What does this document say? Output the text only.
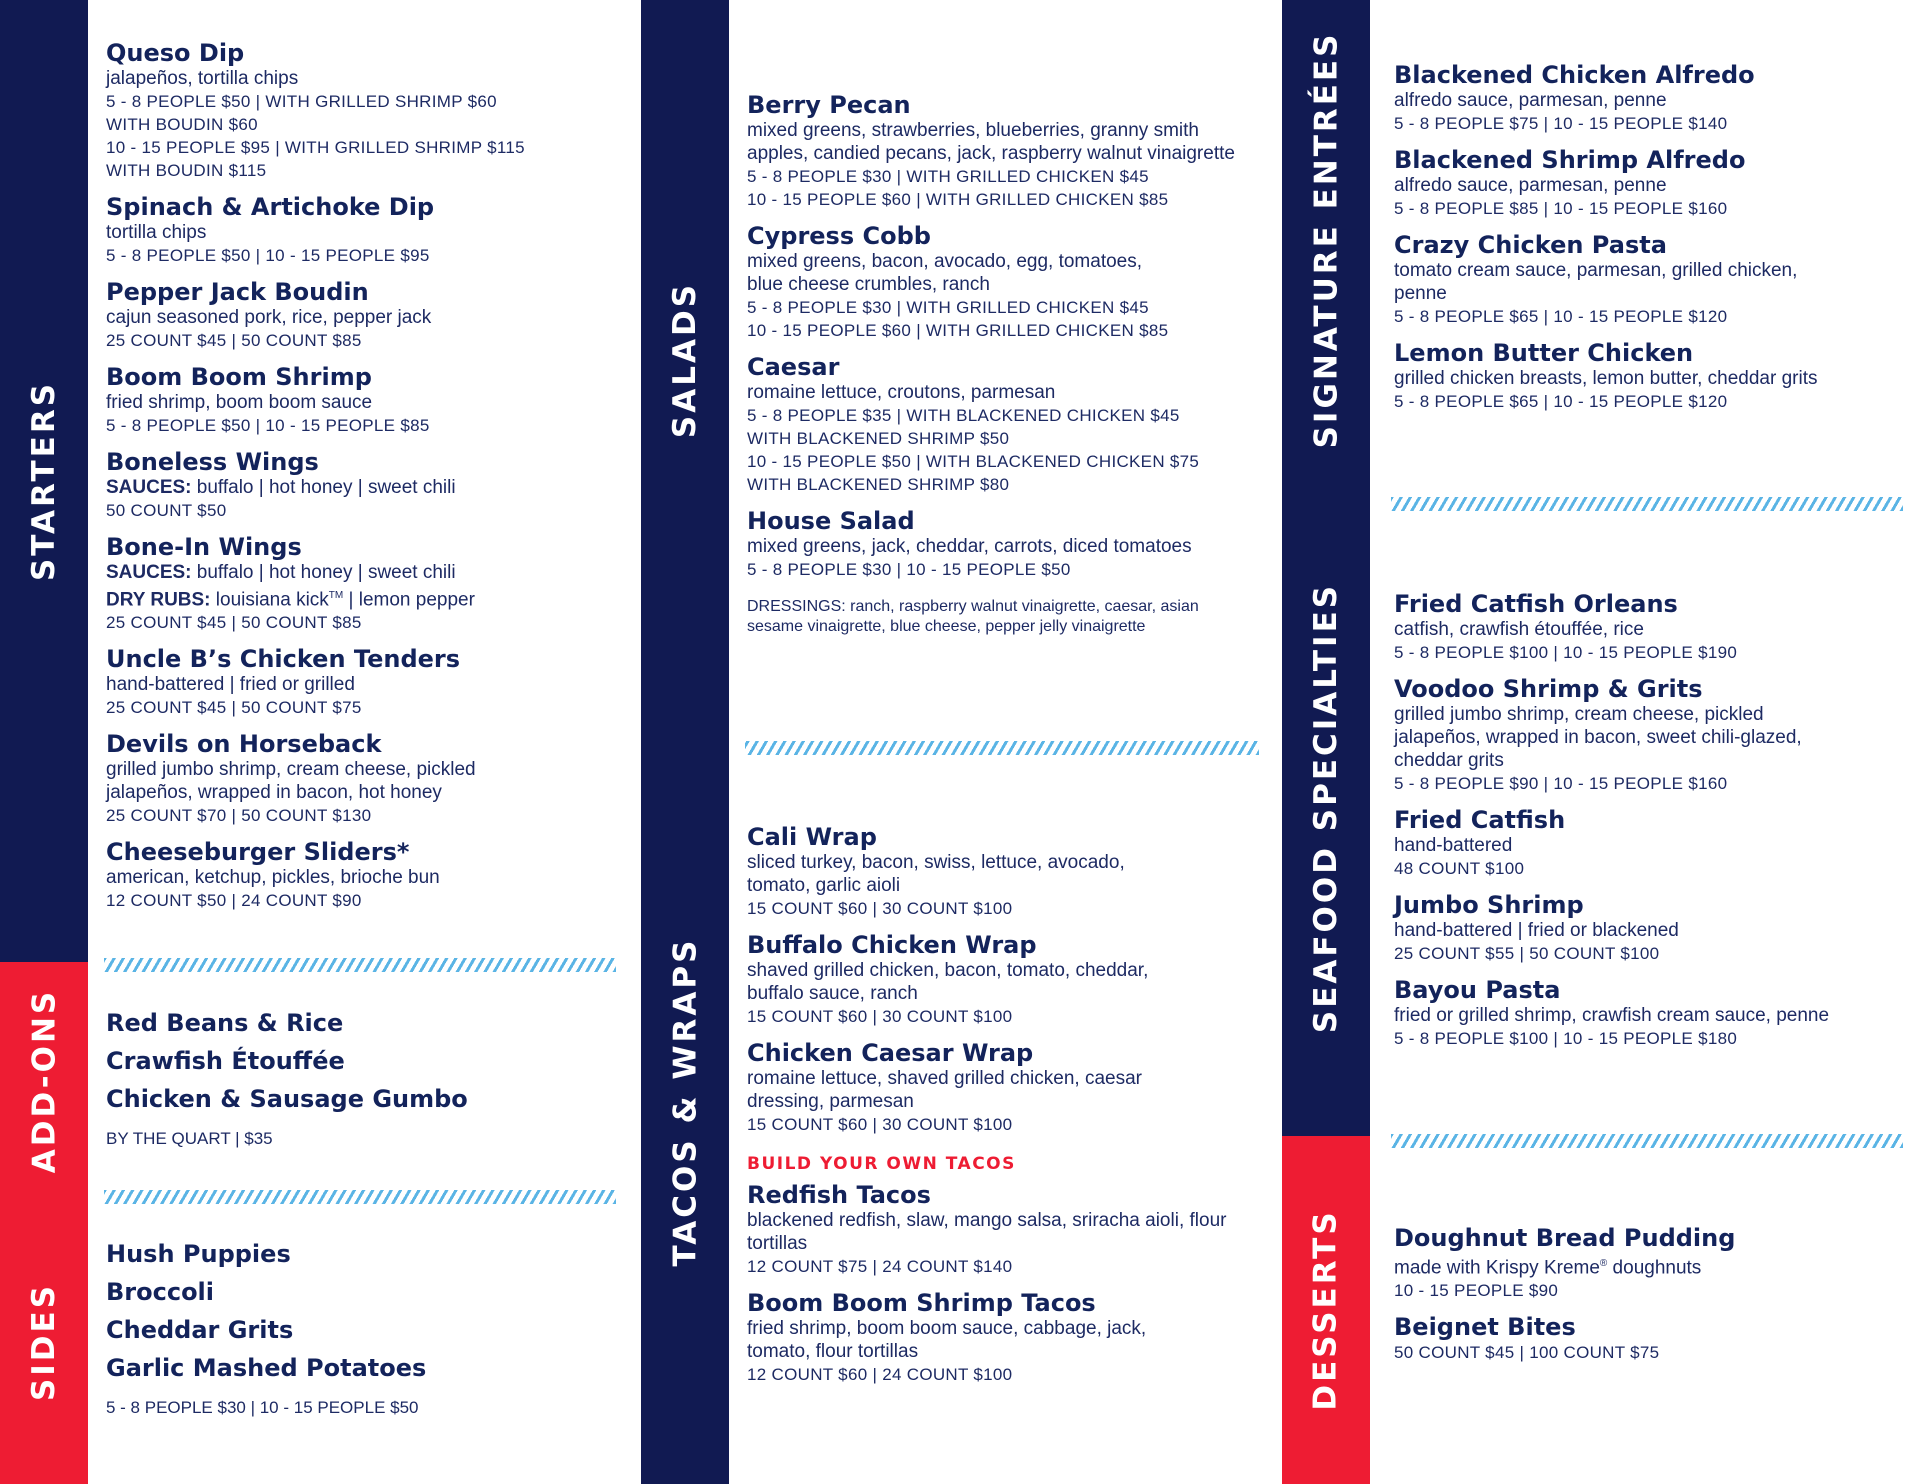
STARTERS
ADD-ONS
SIDES
SALADS
TACOS & WRAPS
SIGNATURE ENTRÉES
SEAFOOD SPECIALTIES
DESSERTS
Queso Dip
jalapeños, tortilla chips
5 - 8 PEOPLE $50 | WITH GRILLED SHRIMP $60
WITH BOUDIN $60
10 - 15 PEOPLE $95 | WITH GRILLED SHRIMP $115
WITH BOUDIN $115
Spinach & Artichoke Dip
tortilla chips
5 - 8 PEOPLE $50 | 10 - 15 PEOPLE $95
Pepper Jack Boudin
cajun seasoned pork, rice, pepper jack
25 COUNT $45 | 50 COUNT $85
Boom Boom Shrimp
fried shrimp, boom boom sauce
5 - 8 PEOPLE $50 | 10 - 15 PEOPLE $85
Boneless Wings
SAUCES: buffalo | hot honey | sweet chili
50 COUNT $50
Bone-In Wings
SAUCES: buffalo | hot honey | sweet chili
DRY RUBS: louisiana kick™ | lemon pepper
25 COUNT $45 | 50 COUNT $85
Uncle B’s Chicken Tenders
hand-battered | fried or grilled
25 COUNT $45 | 50 COUNT $75
Devils on Horseback
grilled jumbo shrimp, cream cheese, pickled jalapeños, wrapped in bacon, hot honey
25 COUNT $70 | 50 COUNT $130
Cheeseburger Sliders*
american, ketchup, pickles, brioche bun
12 COUNT $50 | 24 COUNT $90
Red Beans & Rice
Crawfish Étouffée
Chicken & Sausage Gumbo
BY THE QUART | $35
Hush Puppies
Broccoli
Cheddar Grits
Garlic Mashed Potatoes
5 - 8 PEOPLE $30 | 10 - 15 PEOPLE $50
Berry Pecan
mixed greens, strawberries, blueberries, granny smith apples, candied pecans, jack, raspberry walnut vinaigrette
5 - 8 PEOPLE $30 | WITH GRILLED CHICKEN $45
10 - 15 PEOPLE $60 | WITH GRILLED CHICKEN $85
Cypress Cobb
mixed greens, bacon, avocado, egg, tomatoes, blue cheese crumbles, ranch
5 - 8 PEOPLE $30 | WITH GRILLED CHICKEN $45
10 - 15 PEOPLE $60 | WITH GRILLED CHICKEN $85
Caesar
romaine lettuce, croutons, parmesan
5 - 8 PEOPLE $35 | WITH BLACKENED CHICKEN $45
WITH BLACKENED SHRIMP $50
10 - 15 PEOPLE $50 | WITH BLACKENED CHICKEN $75
WITH BLACKENED SHRIMP $80
House Salad
mixed greens, jack, cheddar, carrots, diced tomatoes
5 - 8 PEOPLE $30 | 10 - 15 PEOPLE $50
DRESSINGS: ranch, raspberry walnut vinaigrette, caesar, asian sesame vinaigrette, blue cheese, pepper jelly vinaigrette
Cali Wrap
sliced turkey, bacon, swiss, lettuce, avocado, tomato, garlic aioli
15 COUNT $60 | 30 COUNT $100
Buffalo Chicken Wrap
shaved grilled chicken, bacon, tomato, cheddar, buffalo sauce, ranch
15 COUNT $60 | 30 COUNT $100
Chicken Caesar Wrap
romaine lettuce, shaved grilled chicken, caesar dressing, parmesan
15 COUNT $60 | 30 COUNT $100
BUILD YOUR OWN TACOS
Redfish Tacos
blackened redfish, slaw, mango salsa, sriracha aioli, flour tortillas
12 COUNT $75 | 24 COUNT $140
Boom Boom Shrimp Tacos
fried shrimp, boom boom sauce, cabbage, jack, tomato, flour tortillas
12 COUNT $60 | 24 COUNT $100
Blackened Chicken Alfredo
alfredo sauce, parmesan, penne
5 - 8 PEOPLE $75 | 10 - 15 PEOPLE $140
Blackened Shrimp Alfredo
alfredo sauce, parmesan, penne
5 - 8 PEOPLE $85 | 10 - 15 PEOPLE $160
Crazy Chicken Pasta
tomato cream sauce, parmesan, grilled chicken, penne
5 - 8 PEOPLE $65 | 10 - 15 PEOPLE $120
Lemon Butter Chicken
grilled chicken breasts, lemon butter, cheddar grits
5 - 8 PEOPLE $65 | 10 - 15 PEOPLE $120
Fried Catfish Orleans
catfish, crawfish étouffée, rice
5 - 8 PEOPLE $100 | 10 - 15 PEOPLE $190
Voodoo Shrimp & Grits
grilled jumbo shrimp, cream cheese, pickled jalapeños, wrapped in bacon, sweet chili-glazed, cheddar grits
5 - 8 PEOPLE $90 | 10 - 15 PEOPLE $160
Fried Catfish
hand-battered
48 COUNT $100
Jumbo Shrimp
hand-battered | fried or blackened
25 COUNT $55 | 50 COUNT $100
Bayou Pasta
fried or grilled shrimp, crawfish cream sauce, penne
5 - 8 PEOPLE $100 | 10 - 15 PEOPLE $180
Doughnut Bread Pudding
made with Krispy Kreme® doughnuts
10 - 15 PEOPLE $90
Beignet Bites
50 COUNT $45 | 100 COUNT $75
